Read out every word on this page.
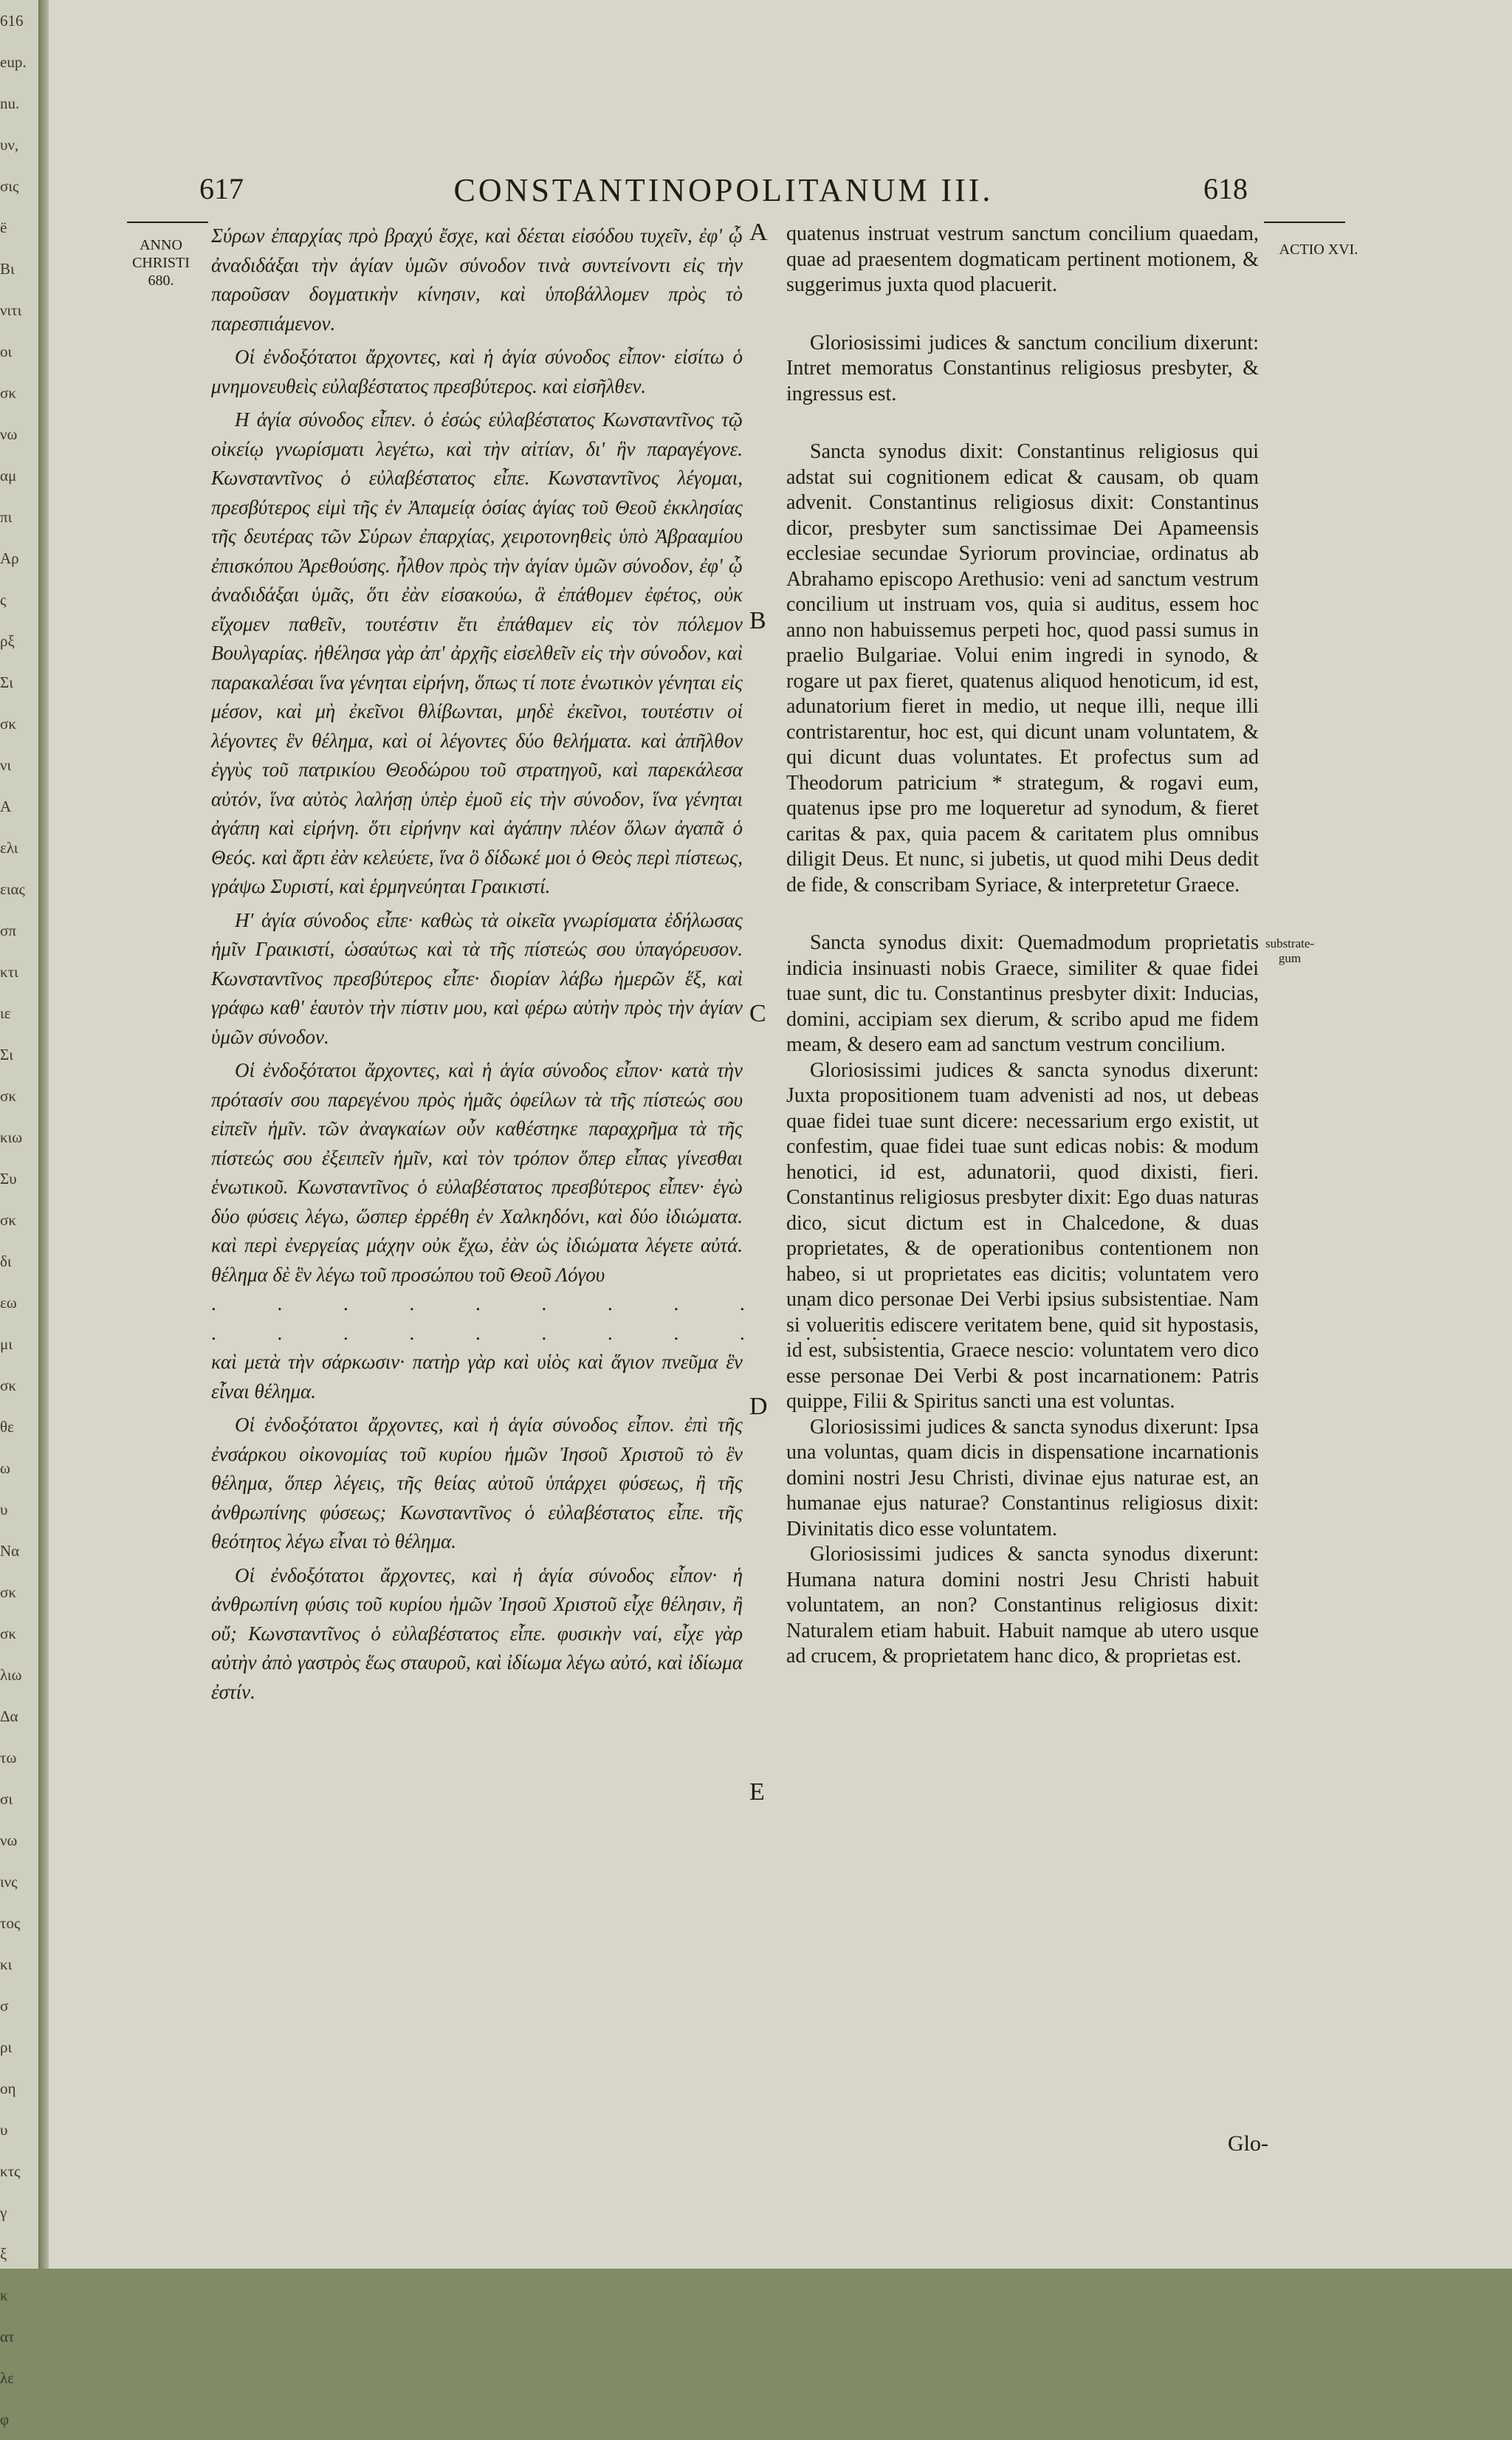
616
eup.
nu.
υν,
σις
ë
Bι
νιτι
οι
σκ
νω
αμ
πι
Αρ
ς
ρξ
Σι
σκ
νι
A
ελι
ειας
σπ
κτι
ιε
Σι
σκ
κιω
Συ
σκ
δι
εω
μι
σκ
θε
ω
υ
Να
σκ
σκ
λιω
Δα
τω
σι
νω
ινς
τος
κι
σ
ρι
οη
υ
κτς
γ
ξ
κ
ατ
λε
φ
617	CONSTANTINOPOLITANUM III.	618
ANNO
CHRISTI
680.
ACTIO XVI.
substrate-gum
A
B
C
D
E

Σύρων ἐπαρχίας πρὸ βραχύ ἔσχε, καὶ δέεται εἰσόδου τυχεῖν, ἐφ' ᾧ ἀναδιδάξαι τὴν ἁγίαν ὑμῶν σύνοδον τινὰ συντείνοντι εἰς τὴν παροῦσαν δογματικὴν κίνησιν, καὶ ὑποβάλλομεν πρὸς τὸ παρεσπιάμενον.

Οἱ ἐνδοξότατοι ἄρχοντες, καὶ ἡ ἁγία σύνοδος εἶπον· εἰσίτω ὁ μνημονευθεὶς εὐλαβέστατος πρεσβύτερος. καὶ εἰσῆλθεν.

Η ἁγία σύνοδος εἶπεν. ὁ ἐσώς εὐλαβέστατος Κωνσταντῖνος τῷ οἰκείῳ γνωρίσματι λεγέτω, καὶ τὴν αἰτίαν, δι' ἣν παραγέγονε. Κωνσταντῖνος ὁ εὐλαβέστατος εἶπε. Κωνσταντῖνος λέγομαι, πρεσβύτερος εἰμὶ τῆς ἐν Ἀπαμείᾳ ὁσίας ἁγίας τοῦ Θεοῦ ἐκκλησίας τῆς δευτέρας τῶν Σύρων ἐπαρχίας, χειροτονηθεὶς ὑπὸ Ἀβρααμίου ἐπισκόπου Ἀρεθούσης. ἦλθον πρὸς τὴν ἁγίαν ὑμῶν σύνοδον, ἐφ' ᾧ ἀναδιδάξαι ὑμᾶς, ὅτι ἐὰν εἰσακούω, ἃ ἐπάθομεν ἐφέτος, οὐκ εἴχομεν παθεῖν, τουτέστιν ἔτι ἐπάθαμεν εἰς τὸν πόλεμον Βουλγαρίας. ἠθέλησα γὰρ ἀπ' ἀρχῆς εἰσελθεῖν εἰς τὴν σύνοδον, καὶ παρακαλέσαι ἵνα γένηται εἰρήνη, ὅπως τί ποτε ἑνωτικὸν γένηται εἰς μέσον, καὶ μὴ ἐκεῖνοι θλίβωνται, μηδὲ ἐκεῖνοι, τουτέστιν οἱ λέγοντες ἓν θέλημα, καὶ οἱ λέγοντες δύο θελήματα. καὶ ἀπῆλθον ἐγγὺς τοῦ πατρικίου Θεοδώρου τοῦ στρατηγοῦ, καὶ παρεκάλεσα αὐτόν, ἵνα αὐτὸς λαλήσῃ ὑπὲρ ἐμοῦ εἰς τὴν σύνοδον, ἵνα γένηται ἀγάπη καὶ εἰρήνη. ὅτι εἰρήνην καὶ ἀγάπην πλέον ὅλων ἀγαπᾶ ὁ Θεός. καὶ ἄρτι ἐὰν κελεύετε, ἵνα ὃ δίδωκέ μοι ὁ Θεὸς περὶ πίστεως, γράψω Συριστί, καὶ ἑρμηνεύηται Γραικιστί.

Η' ἁγία σύνοδος εἶπε· καθὼς τὰ οἰκεῖα γνωρίσματα ἐδήλωσας ἡμῖν Γραικιστί, ὡσαύτως καὶ τὰ τῆς πίστεώς σου ὑπαγόρευσον. Κωνσταντῖνος πρεσβύτερος εἶπε· διορίαν λάβω ἡμερῶν ἕξ, καὶ γράφω καθ' ἑαυτὸν τὴν πίστιν μου, καὶ φέρω αὐτὴν πρὸς τὴν ἁγίαν ὑμῶν σύνοδον.

Οἱ ἐνδοξότατοι ἄρχοντες, καὶ ἡ ἁγία σύνοδος εἶπον· κατὰ τὴν πρότασίν σου παρεγένου πρὸς ἡμᾶς ὀφείλων τὰ τῆς πίστεώς σου εἰπεῖν ἡμῖν. τῶν ἀναγκαίων οὖν καθέστηκε παραχρῆμα τὰ τῆς πίστεώς σου ἐξειπεῖν ἡμῖν, καὶ τὸν τρόπον ὅπερ εἶπας γίνεσθαι ἑνωτικοῦ. Κωνσταντῖνος ὁ εὐλαβέστατος πρεσβύτερος εἶπεν· ἐγὼ δύο φύσεις λέγω, ὥσπερ ἐρρέθη ἐν Χαλκηδόνι, καὶ δύο ἰδιώματα. καὶ περὶ ἐνεργείας μάχην οὐκ ἔχω, ἐὰν ὡς ἰδιώματα λέγετε αὐτά. θέλημα δὲ ἓν λέγω τοῦ προσώπου τοῦ Θεοῦ Λόγου

. . . . . . . . . .

. . . . . . . . . . .

καὶ μετὰ τὴν σάρκωσιν· πατὴρ γὰρ καὶ υἱὸς καὶ ἅγιον πνεῦμα ἓν εἶναι θέλημα.

Οἱ ἐνδοξότατοι ἄρχοντες, καὶ ἡ ἁγία σύνοδος εἶπον. ἐπὶ τῆς ἐνσάρκου οἰκονομίας τοῦ κυρίου ἡμῶν Ἰησοῦ Χριστοῦ τὸ ἓν θέλημα, ὅπερ λέγεις, τῆς θείας αὐτοῦ ὑπάρχει φύσεως, ἢ τῆς ἀνθρωπίνης φύσεως; Κωνσταντῖνος ὁ εὐλαβέστατος εἶπε. τῆς θεότητος λέγω εἶναι τὸ θέλημα.

Οἱ ἐνδοξότατοι ἄρχοντες, καὶ ἡ ἁγία σύνοδος εἶπον· ἡ ἀνθρωπίνη φύσις τοῦ κυρίου ἡμῶν Ἰησοῦ Χριστοῦ εἶχε θέλησιν, ἢ οὔ; Κωνσταντῖνος ὁ εὐλαβέστατος εἶπε. φυσικὴν ναί, εἶχε γὰρ αὐτὴν ἀπὸ γαστρὸς ἕως σταυροῦ, καὶ ἰδίωμα λέγω αὐτό, καὶ ἰδίωμα ἐστίν.

quatenus instruat vestrum sanctum concilium quaedam, quae ad praesentem dogmaticam pertinent motionem, & suggerimus juxta quod placuerit.

Gloriosissimi judices & sanctum concilium dixerunt: Intret memoratus Constantinus religiosus presbyter, & ingressus est.

Sancta synodus dixit: Constantinus religiosus qui adstat sui cognitionem edicat & causam, ob quam advenit. Constantinus religiosus dixit: Constantinus dicor, presbyter sum sanctissimae Dei Apameensis ecclesiae secundae Syriorum provinciae, ordinatus ab Abrahamo episcopo Arethusio: veni ad sanctum vestrum concilium ut instruam vos, quia si auditus, essem hoc anno non habuissemus perpeti hoc, quod passi sumus in praelio Bulgariae. Volui enim ingredi in synodo, & rogare ut pax fieret, quatenus aliquod henoticum, id est, adunatorium fieret in medio, ut neque illi, neque illi contristarentur, hoc est, qui dicunt unam voluntatem, & qui dicunt duas voluntates. Et profectus sum ad Theodorum patricium * strategum, & rogavi eum, quatenus ipse pro me loqueretur ad synodum, & fieret caritas & pax, quia pacem & caritatem plus omnibus diligit Deus. Et nunc, si jubetis, ut quod mihi Deus dedit de fide, & conscribam Syriace, & interpretetur Graece.

Sancta synodus dixit: Quemadmodum proprietatis indicia insinuasti nobis Graece, similiter & quae fidei tuae sunt, dic tu. Constantinus presbyter dixit: Inducias, domini, accipiam sex dierum, & scribo apud me fidem meam, & desero eam ad sanctum vestrum concilium.

Gloriosissimi judices & sancta synodus dixerunt: Juxta propositionem tuam advenisti ad nos, ut debeas quae fidei tuae sunt dicere: necessarium ergo existit, ut confestim, quae fidei tuae sunt edicas nobis: & modum henotici, id est, adunatorii, quod dixisti, fieri. Constantinus religiosus presbyter dixit: Ego duas naturas dico, sicut dictum est in Chalcedone, & duas proprietates, & de operationibus contentionem non habeo, si ut proprietates eas dicitis; voluntatem vero unam dico personae Dei Verbi ipsius subsistentiae. Nam si volueritis ediscere veritatem bene, quid sit hypostasis, id est, subsistentia, Graece nescio: voluntatem vero dico esse personae Dei Verbi & post incarnationem: Patris quippe, Filii & Spiritus sancti una est voluntas.

Gloriosissimi judices & sancta synodus dixerunt: Ipsa una voluntas, quam dicis in dispensatione incarnationis domini nostri Jesu Christi, divinae ejus naturae est, an humanae ejus naturae? Constantinus religiosus dixit: Divinitatis dico esse voluntatem.

Gloriosissimi judices & sancta synodus dixerunt: Humana natura domini nostri Jesu Christi habuit voluntatem, an non? Constantinus religiosus dixit: Naturalem etiam habuit. Habuit namque ab utero usque ad crucem, & proprietatem hanc dico, & proprietas est.

Glo-
